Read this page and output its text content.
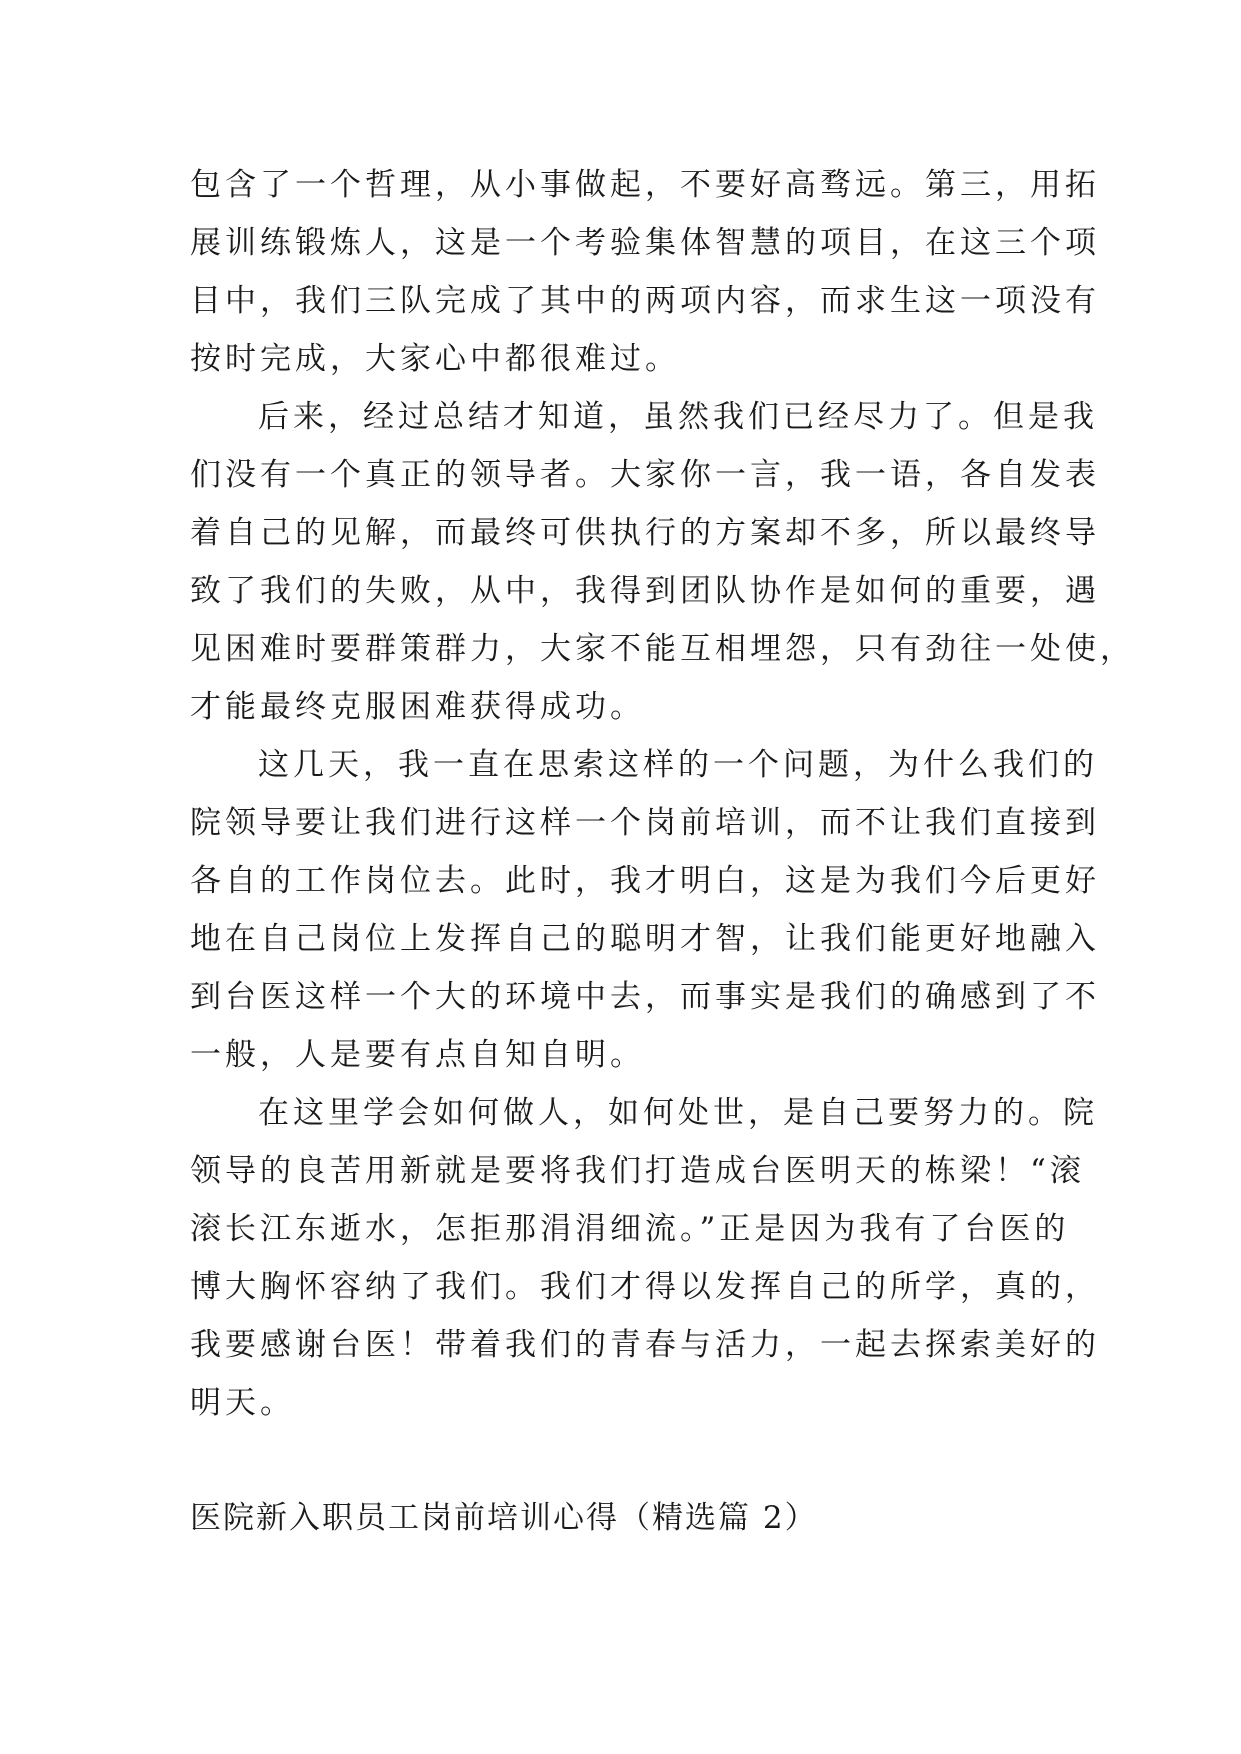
包含了一个哲理，从小事做起，不要好高骛远。第三，用拓
展训练锻炼人，这是一个考验集体智慧的项目，在这三个项
目中，我们三队完成了其中的两项内容，而求生这一项没有
按时完成，大家心中都很难过。
后来，经过总结才知道，虽然我们已经尽力了。但是我
们没有一个真正的领导者。大家你一言，我一语，各自发表
着自己的见解，而最终可供执行的方案却不多，所以最终导
致了我们的失败，从中，我得到团队协作是如何的重要，遇
见困难时要群策群力，大家不能互相埋怨，只有劲往一处使，
才能最终克服困难获得成功。
这几天，我一直在思索这样的一个问题，为什么我们的
院领导要让我们进行这样一个岗前培训，而不让我们直接到
各自的工作岗位去。此时，我才明白，这是为我们今后更好
地在自己岗位上发挥自己的聪明才智，让我们能更好地融入
到台医这样一个大的环境中去，而事实是我们的确感到了不
一般，人是要有点自知自明。
在这里学会如何做人，如何处世，是自己要努力的。院
领导的良苦用新就是要将我们打造成台医明天的栋梁！“滚
滚长江东逝水，怎拒那涓涓细流。”正是因为我有了台医的
博大胸怀容纳了我们。我们才得以发挥自己的所学，真的，
我要感谢台医！带着我们的青春与活力，一起去探索美好的
明天。
医院新入职员工岗前培训心得（精选篇 2）
